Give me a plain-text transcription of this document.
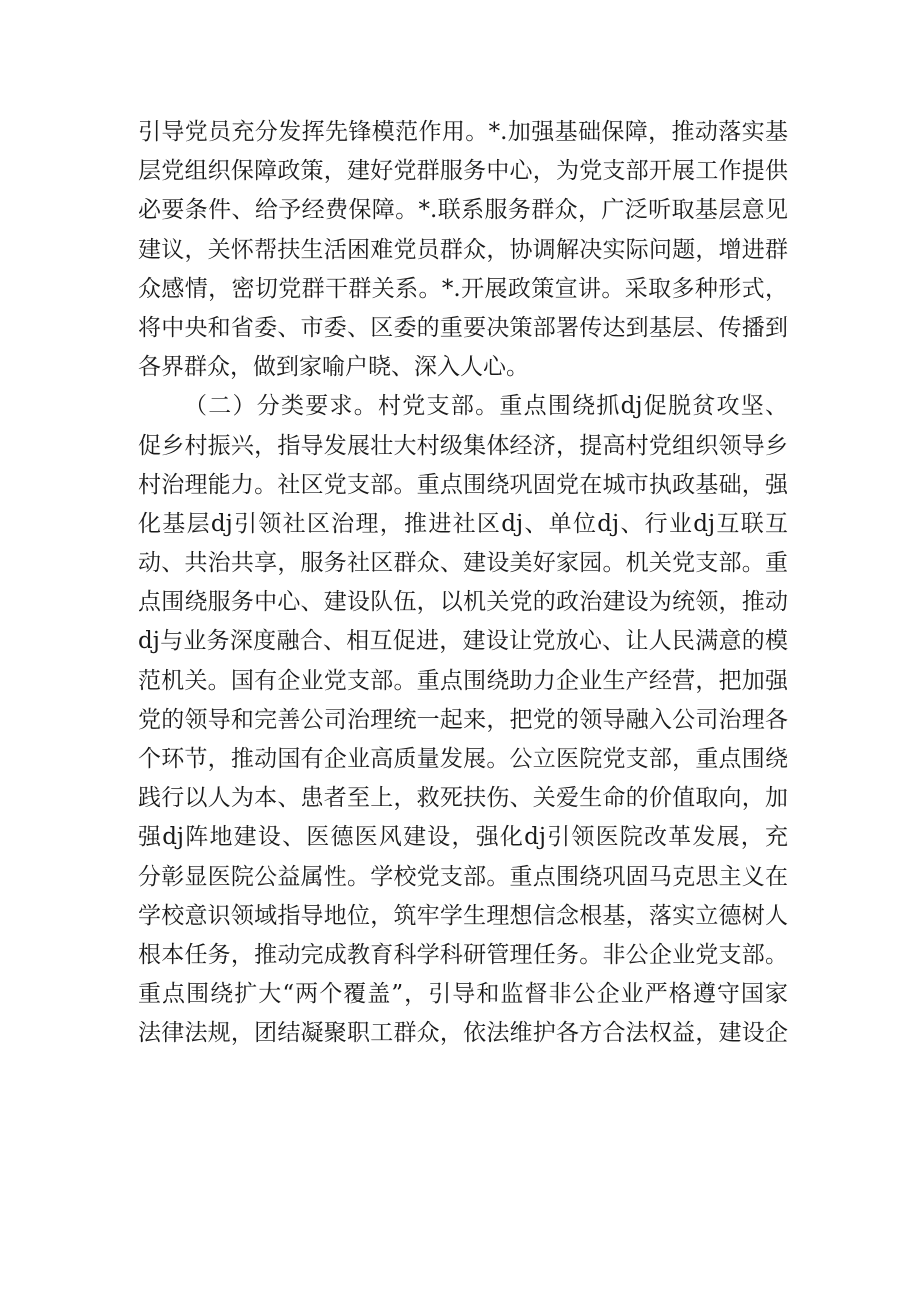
引导党员充分发挥先锋模范作用。*.加强基础保障，推动落实基
层党组织保障政策，建好党群服务中心，为党支部开展工作提供
必要条件、给予经费保障。*.联系服务群众，广泛听取基层意见
建议，关怀帮扶生活困难党员群众，协调解决实际问题，增进群
众感情，密切党群干群关系。*.开展政策宣讲。采取多种形式，
将中央和省委、市委、区委的重要决策部署传达到基层、传播到
各界群众，做到家喻户晓、深入人心。
（二）分类要求。村党支部。重点围绕抓dj促脱贫攻坚、
促乡村振兴，指导发展壮大村级集体经济，提高村党组织领导乡
村治理能力。社区党支部。重点围绕巩固党在城市执政基础，强
化基层dj引领社区治理，推进社区dj、单位dj、行业dj互联互
动、共治共享，服务社区群众、建设美好家园。机关党支部。重
点围绕服务中心、建设队伍，以机关党的政治建设为统领，推动
dj与业务深度融合、相互促进，建设让党放心、让人民满意的模
范机关。国有企业党支部。重点围绕助力企业生产经营，把加强
党的领导和完善公司治理统一起来，把党的领导融入公司治理各
个环节，推动国有企业高质量发展。公立医院党支部，重点围绕
践行以人为本、患者至上，救死扶伤、关爱生命的价值取向，加
强dj阵地建设、医德医风建设，强化dj引领医院改革发展，充
分彰显医院公益属性。学校党支部。重点围绕巩固马克思主义在
学校意识领域指导地位，筑牢学生理想信念根基，落实立德树人
根本任务，推动完成教育科学科研管理任务。非公企业党支部。
重点围绕扩大“两个覆盖”，引导和监督非公企业严格遵守国家
法律法规，团结凝聚职工群众，依法维护各方合法权益，建设企
